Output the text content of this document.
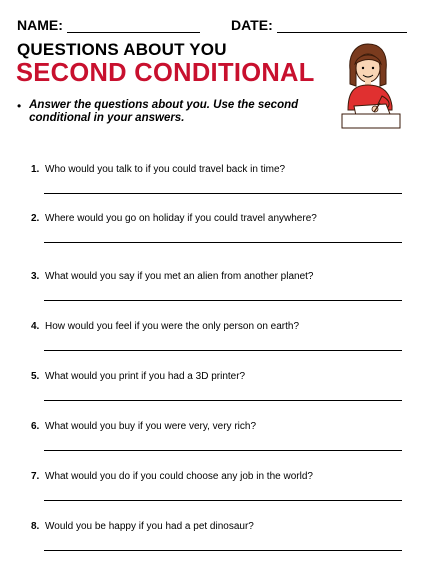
NAME:	DATE:
QUESTIONS ABOUT YOU
SECOND CONDITIONAL
• Answer the questions about you. Use the second conditional in your answers.
1. Who would you talk to if you could travel back in time?
2. Where would you go on holiday if you could travel anywhere?
3. What would you say if you met an alien from another planet?
4. How would you feel if you were the only person on earth?
5. What would you print if you had a 3D printer?
6. What would you buy if you were very, very rich?
7. What would you do if you could choose any job in the world?
8. Would you be happy if you had a pet dinosaur?
